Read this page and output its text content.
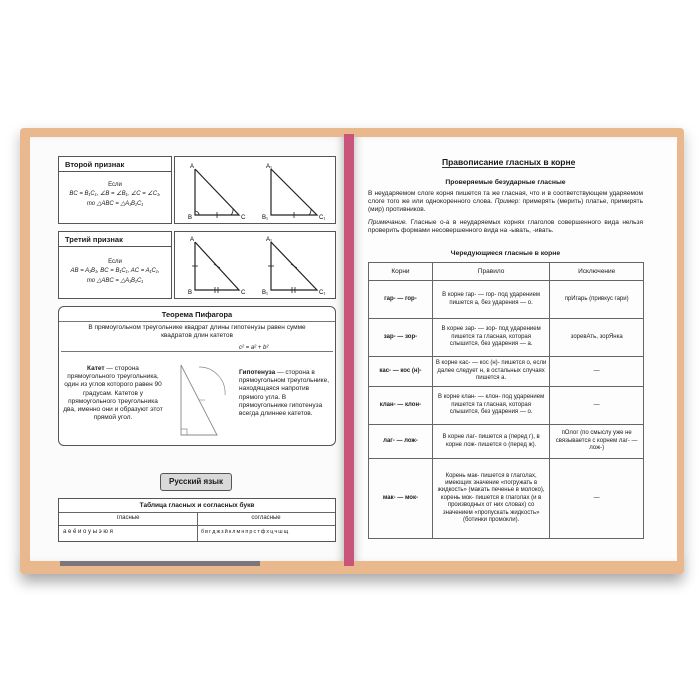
Второй признак
Если
BC = B₁C₁, ∠B = ∠B₁, ∠C = ∠C₁,
то △ABC = △A₁B₁C₁
A
B	C
A₁
B₁	C₁
Третий признак
Если
AB = A₁B₁, BC = B₁C₁, AC = A₁C₁,
то △ABC = △A₁B₁C₁
A
B	C
A₁
B₁	C₁
Теорема Пифагора
В прямоугольном треугольнике квадрат длины гипотенузы равен сумме квадратов длин катетов
c² = a² + b²
Катет — сторона прямоугольного треугольника, один из углов которого равен 90 градусам. Катетов у прямоугольного треугольника два, именно они и образуют этот прямой угол.
Гипотенуза — сторона в прямоугольном треугольнике, находящаяся напротив прямого угла. В прямоугольнике гипотенуза всегда длиннее катетов.
Русский язык
Таблица гласных и согласных букв
гласные	согласные
а е ё и о у ы э ю я	б в г д ж з й к л м н п р с т ф х ц ч ш щ
Правописание гласных в корне
Проверяемые безударные гласные
В неударяемом слоге корня пишется та же гласная, что и в соответствующем ударяемом слоге того же или однокоренного слова. Пример: примерять (мерить) платье, примирять (мир) противников.
Примечание. Гласные о-а в неударяемых корнях глаголов совершенного вида нельзя проверить формами несовершенного вида на -ывать, -ивать.
Чередующиеся гласные в корне
Корни	Правило	Исключение
гар- — гор-	В корне гар- — гор- под ударением пишется а, без ударения — о.	прИгарь (привкус гари)
зар- — зор-	В корне зар- — зор- под ударением пишется та гласная, которая слышится, без ударения — а.	зоревАть, зорЯнка
кас- — кос (н)-	В корне кас- — кос (н)- пишется о, если далее следует н, в остальных случаях пишется а.	—
клан- — клон-	В корне клан- — клон- под ударением пишется та гласная, которая слышится, без ударения — о.	—
лаг- — лож-	В корне лаг- пишется а (перед г), в корне лож- пишется о (перед ж).	пОлог (по смыслу уже не связывается с корнем лаг- — лож-)
мак- — мок-	Корень мак- пишется в глаголах, имеющих значение «погружать в жидкость» (макать печенье в молоко), корень мок- пишется в глаголах (и в производных от них словах) со значением «пропускать жидкость» (ботинки промокли).	—
